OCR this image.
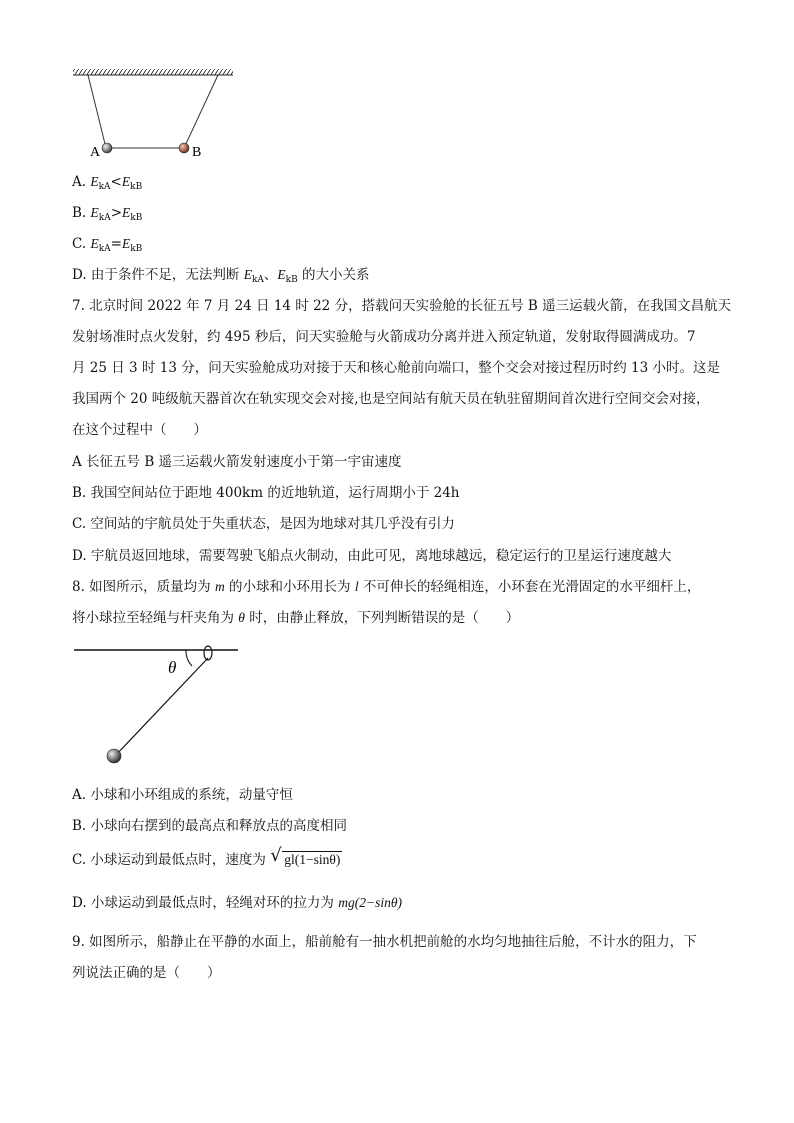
A	B
A. $E_{kA}<E_{kB}$
B. $E_{kA}>E_{kB}$
C. $E_{kA}=E_{kB}$
D. 由于条件不足，无法判断 $E_{kA}$、$E_{kB}$ 的大小关系
7. 北京时间 2022 年 7 月 24 日 14 时 22 分，搭载问天实验舱的长征五号 B 遥三运载火箭，在我国文昌航天
发射场准时点火发射，约 495 秒后，问天实验舱与火箭成功分离并进入预定轨道，发射取得圆满成功。7
月 25 日 3 时 13 分，问天实验舱成功对接于天和核心舱前向端口，整个交会对接过程历时约 13 小时。这是
我国两个 20 吨级航天器首次在轨实现交会对接,也是空间站有航天员在轨驻留期间首次进行空间交会对接，
在这个过程中（　　）
A 长征五号 B 遥三运载火箭发射速度小于第一宇宙速度
B. 我国空间站位于距地 400km 的近地轨道，运行周期小于 24h
C. 空间站的宇航员处于失重状态，是因为地球对其几乎没有引力
D. 宇航员返回地球，需要驾驶飞船点火制动，由此可见，离地球越远，稳定运行的卫星运行速度越大
8. 如图所示，质量均为 m 的小球和小环用长为 l 不可伸长的轻绳相连，小环套在光滑固定的水平细杆上，
将小球拉至轻绳与杆夹角为 θ 时，由静止释放，下列判断错误的是（　　）
θ
A. 小球和小环组成的系统，动量守恒
B. 小球向右摆到的最高点和释放点的高度相同
C. 小球运动到最低点时，速度为 √ gl(1−sinθ)
D. 小球运动到最低点时，轻绳对环的拉力为 mg(2−sinθ)
9. 如图所示，船静止在平静的水面上，船前舱有一抽水机把前舱的水均匀地抽往后舱，不计水的阻力，下
列说法正确的是（　　）
